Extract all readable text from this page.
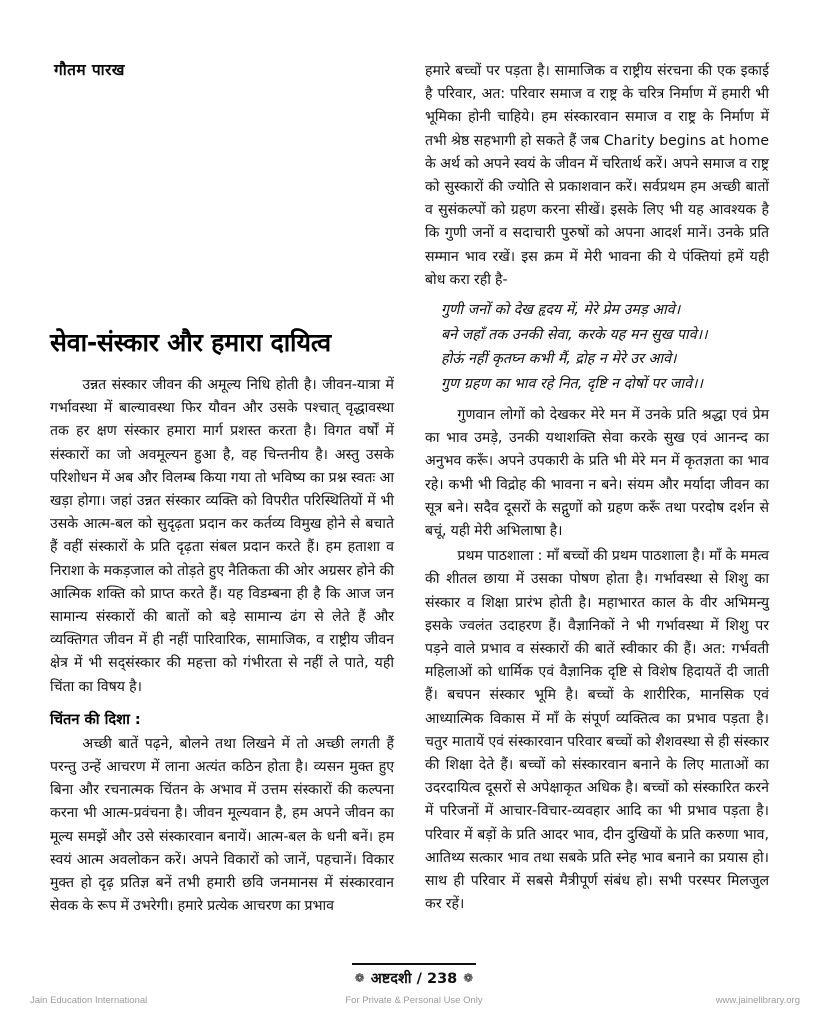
गौतम पारख
सेवा-संस्कार और हमारा दायित्व

उन्नत संस्कार जीवन की अमूल्य निधि होती है। जीवन-यात्रा में गर्भावस्था में बाल्यावस्था फिर यौवन और उसके पश्चात् वृद्धावस्था तक हर क्षण संस्कार हमारा मार्ग प्रशस्त करता है। विगत वर्षों में संस्कारों का जो अवमूल्यन हुआ है, वह चिन्तनीय है। अस्तु उसके परिशोधन में अब और विलम्ब किया गया तो भविष्य का प्रश्न स्वतः आ खड़ा होगा। जहां उन्नत संस्कार व्यक्ति को विपरीत परिस्थितियों में भी उसके आत्म-बल को सुदृढ़ता प्रदान कर कर्तव्य विमुख होने से बचाते हैं वहीं संस्कारों के प्रति दृढ़ता संबल प्रदान करते हैं। हम हताशा व निराशा के मकड़जाल को तोड़ते हुए नैतिकता की ओर अग्रसर होने की आत्मिक शक्ति को प्राप्त करते हैं। यह विडम्बना ही है कि आज जन सामान्य संस्कारों की बातों को बड़े सामान्य ढंग से लेते हैं और व्यक्तिगत जीवन में ही नहीं पारिवारिक, सामाजिक, व राष्ट्रीय जीवन क्षेत्र में भी सद्संस्कार की महत्ता को गंभीरता से नहीं ले पाते, यही चिंता का विषय है।

चिंतन की दिशा :

अच्छी बातें पढ़ने, बोलने तथा लिखने में तो अच्छी लगती हैं परन्तु उन्हें आचरण में लाना अत्यंत कठिन होता है। व्यसन मुक्त हुए बिना और रचनात्मक चिंतन के अभाव में उत्तम संस्कारों की कल्पना करना भी आत्म-प्रवंचना है। जीवन मूल्यवान है, हम अपने जीवन का मूल्य समझें और उसे संस्कारवान बनायें। आत्म-बल के धनी बनें। हम स्वयं आत्म अवलोकन करें। अपने विकारों को जानें, पहचानें। विकार मुक्त हो दृढ़ प्रतिज्ञ बनें तभी हमारी छवि जनमानस में संस्कारवान सेवक के रूप में उभरेगी। हमारे प्रत्येक आचरण का प्रभाव

हमारे बच्चों पर पड़ता है। सामाजिक व राष्ट्रीय संरचना की एक इकाई है परिवार, अत: परिवार समाज व राष्ट्र के चरित्र निर्माण में हमारी भी भूमिका होनी चाहिये। हम संस्कारवान समाज व राष्ट्र के निर्माण में तभी श्रेष्ठ सहभागी हो सकते हैं जब Charity begins at home के अर्थ को अपने स्वयं के जीवन में चरितार्थ करें। अपने समाज व राष्ट्र को सुस्कारों की ज्योति से प्रकाशवान करें। सर्वप्रथम हम अच्छी बातों व सुसंकल्पों को ग्रहण करना सीखें। इसके लिए भी यह आवश्यक है कि गुणी जनों व सदाचारी पुरुषों को अपना आदर्श मानें। उनके प्रति सम्मान भाव रखें। इस क्रम में मेरी भावना की ये पंक्तियां हमें यही बोध करा रही है-

गुणी जनों को देख हृदय में, मेरे प्रेम उमड़ आवे।
बने जहाँ तक उनकी सेवा, करके यह मन सुख पावे।।
होऊं नहीं कृतघ्न कभी मैं, द्रोह न मेरे उर आवे।
गुण ग्रहण का भाव रहे नित, दृष्टि न दोषों पर जावे।।

गुणवान लोगों को देखकर मेरे मन में उनके प्रति श्रद्धा एवं प्रेम का भाव उमड़े, उनकी यथाशक्ति सेवा करके सुख एवं आनन्द का अनुभव करूँ। अपने उपकारी के प्रति भी मेरे मन में कृतज्ञता का भाव रहे। कभी भी विद्रोह की भावना न बने। संयम और मर्यादा जीवन का सूत्र बने। सदैव दूसरों के सद्गुणों को ग्रहण करूँ तथा परदोष दर्शन से बचूं, यही मेरी अभिलाषा है।

प्रथम पाठशाला : माँ बच्चों की प्रथम पाठशाला है। माँ के ममत्व की शीतल छाया में उसका पोषण होता है। गर्भावस्था से शिशु का संस्कार व शिक्षा प्रारंभ होती है। महाभारत काल के वीर अभिमन्यु इसके ज्वलंत उदाहरण हैं। वैज्ञानिकों ने भी गर्भावस्था में शिशु पर पड़ने वाले प्रभाव व संस्कारों की बातें स्वीकार की हैं। अत: गर्भवती महिलाओं को धार्मिक एवं वैज्ञानिक दृष्टि से विशेष हिदायतें दी जाती हैं। बचपन संस्कार भूमि है। बच्चों के शारीरिक, मानसिक एवं आध्यात्मिक विकास में माँ के संपूर्ण व्यक्तित्व का प्रभाव पड़ता है। चतुर मातायें एवं संस्कारवान परिवार बच्चों को शैशवस्था से ही संस्कार की शिक्षा देते हैं। बच्चों को संस्कारवान बनाने के लिए माताओं का उदरदायित्व दूसरों से अपेक्षाकृत अधिक है। बच्चों को संस्कारित करने में परिजनों में आचार-विचार-व्यवहार आदि का भी प्रभाव पड़ता है। परिवार में बड़ों के प्रति आदर भाव, दीन दुखियों के प्रति करुणा भाव, आतिथ्य सत्कार भाव तथा सबके प्रति स्नेह भाव बनाने का प्रयास हो। साथ ही परिवार में सबसे मैत्रीपूर्ण संबंध हो। सभी परस्पर मिलजुल कर रहें।

❁ अष्टदशी / 238 ❁
Jain Education International	For Private & Personal Use Only	www.jainelibrary.org
